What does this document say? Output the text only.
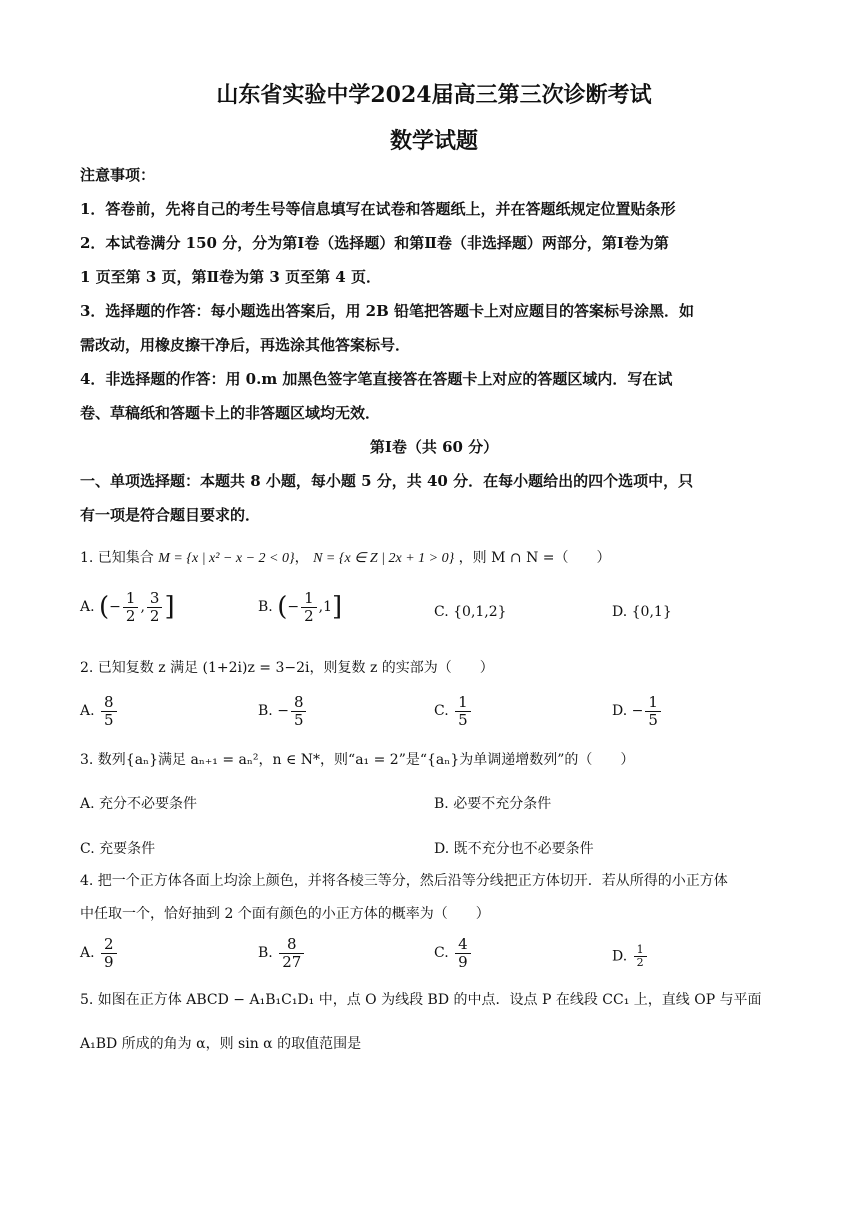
山东省实验中学2024届高三第三次诊断考试
数学试题
注意事项：
1．答卷前，先将自己的考生号等信息填写在试卷和答题纸上，并在答题纸规定位置贴条形
2．本试卷满分 150 分，分为第Ⅰ卷（选择题）和第Ⅱ卷（非选择题）两部分，第Ⅰ卷为第
1 页至第 3 页，第Ⅱ卷为第 3 页至第 4 页．
3．选择题的作答：每小题选出答案后，用 2B 铅笔把答题卡上对应题目的答案标号涂黑．如
需改动，用橡皮擦干净后，再选涂其他答案标号．
4．非选择题的作答：用 0.m 加黑色签字笔直接答在答题卡上对应的答题区域内．写在试
卷、草稿纸和答题卡上的非答题区域均无效．
第Ⅰ卷（共 60 分）
一、单项选择题：本题共 8 小题，每小题 5 分，共 40 分．在每小题给出的四个选项中，只
有一项是符合题目要求的．
1. 已知集合 M = {x | x² − x − 2 < 0}， N = {x ∈ Z | 2x + 1 > 0} ，则 M ∩ N =（　　）
A. (− $\frac{1}{2}$ , $\frac{3}{2}$ ]	B. (− $\frac{1}{2} ,1$]	C. {0,1,2}	D. {0,1}
2. 已知复数 z 满足 (1+2i)z = 3−2i，则复数 z 的实部为（　　）
A. $\frac{8}{5}$	B. − $\frac{8}{5}$	C. $\frac{1}{5}$	D. − $\frac{1}{5}$
3. 数列{aₙ}满足 aₙ₊₁ = aₙ²，n ∈ N*，则“a₁ = 2”是“{aₙ}为单调递增数列”的（　　）
A. 充分不必要条件	B. 必要不充分条件
C. 充要条件	D. 既不充分也不必要条件
4. 把一个正方体各面上均涂上颜色，并将各棱三等分，然后沿等分线把正方体切开．若从所得的小正方体
中任取一个，恰好抽到 2 个面有颜色的小正方体的概率为（　　）
A. $\frac{2}{9}$	B. $\frac{8}{27}$	C. $\frac{4}{9}$	D. $\frac{1}{2}$
5. 如图在正方体 ABCD − A₁B₁C₁D₁ 中，点 O 为线段 BD 的中点．设点 P 在线段 CC₁ 上，直线 OP 与平面
A₁BD 所成的角为 α，则 sin α 的取值范围是
